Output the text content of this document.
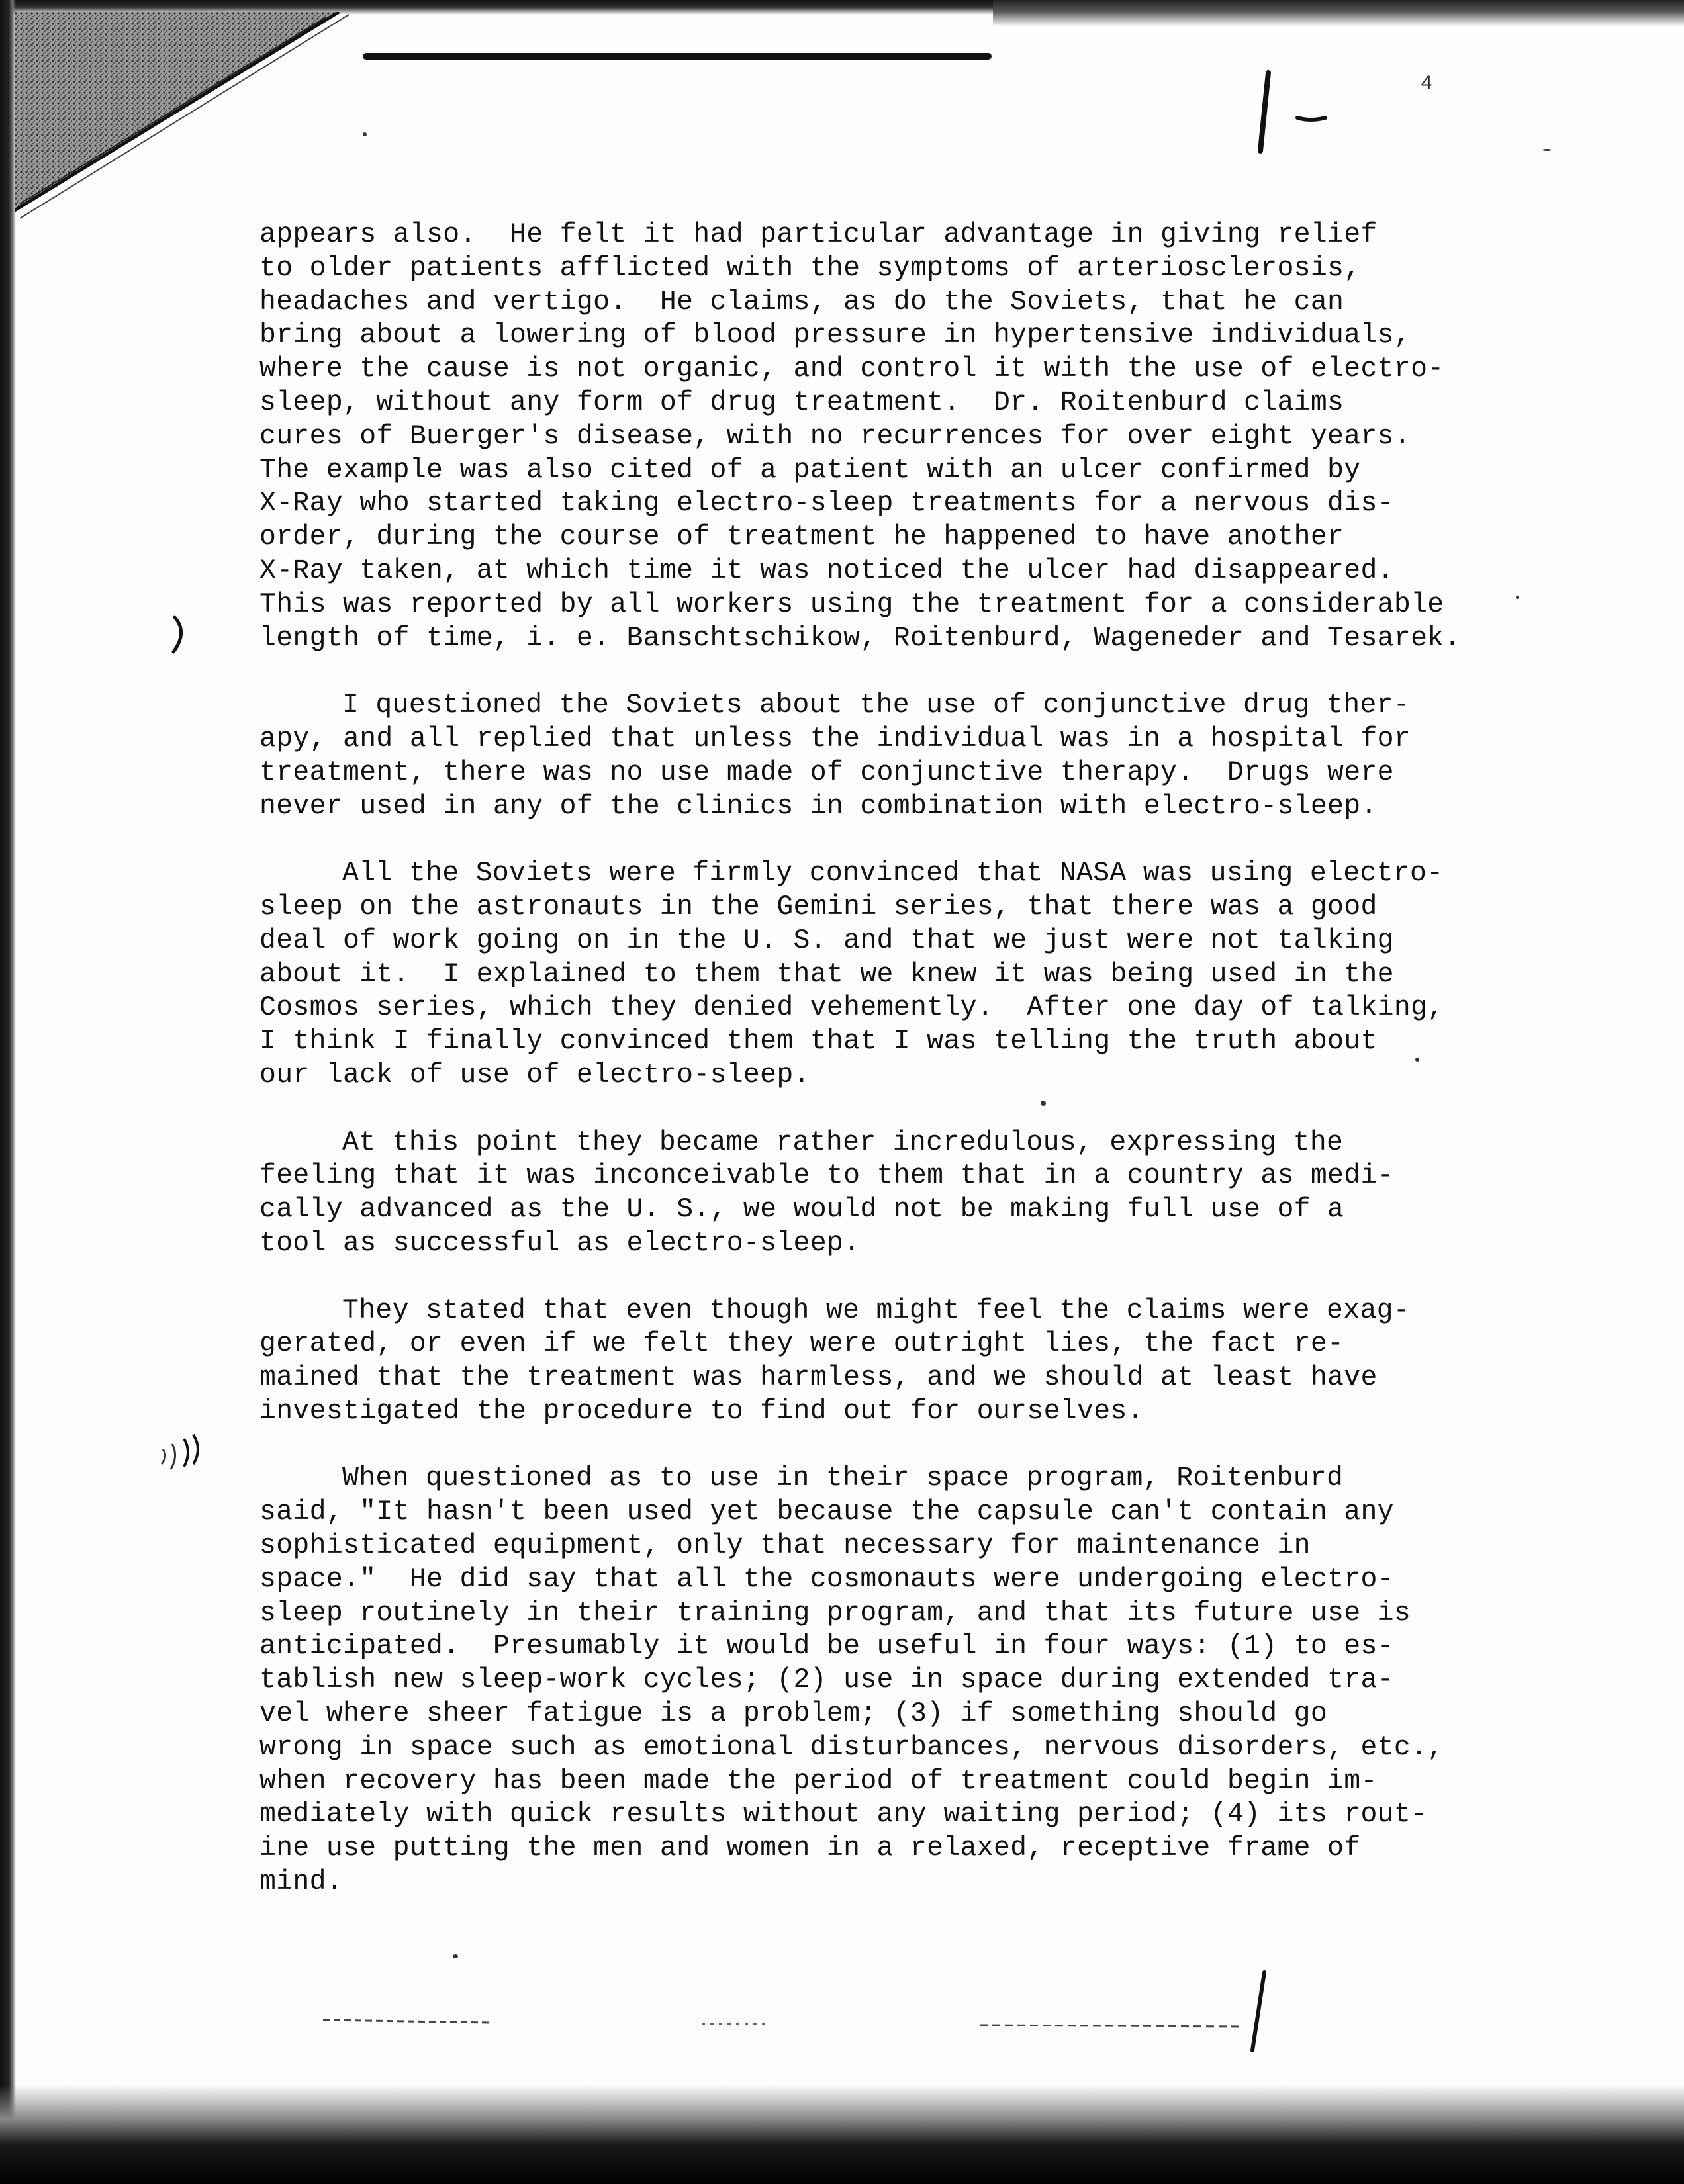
4
appears also.  He felt it had particular advantage in giving relief
to older patients afflicted with the symptoms of arteriosclerosis,
headaches and vertigo.  He claims, as do the Soviets, that he can
bring about a lowering of blood pressure in hypertensive individuals,
where the cause is not organic, and control it with the use of electro-
sleep, without any form of drug treatment.  Dr. Roitenburd claims
cures of Buerger's disease, with no recurrences for over eight years.
The example was also cited of a patient with an ulcer confirmed by
X-Ray who started taking electro-sleep treatments for a nervous dis-
order, during the course of treatment he happened to have another
X-Ray taken, at which time it was noticed the ulcer had disappeared.
This was reported by all workers using the treatment for a considerable
length of time, i. e. Banschtschikow, Roitenburd, Wageneder and Tesarek.
I questioned the Soviets about the use of conjunctive drug ther-
apy, and all replied that unless the individual was in a hospital for
treatment, there was no use made of conjunctive therapy.  Drugs were
never used in any of the clinics in combination with electro-sleep.
All the Soviets were firmly convinced that NASA was using electro-
sleep on the astronauts in the Gemini series, that there was a good
deal of work going on in the U. S. and that we just were not talking
about it.  I explained to them that we knew it was being used in the
Cosmos series, which they denied vehemently.  After one day of talking,
I think I finally convinced them that I was telling the truth about
our lack of use of electro-sleep.
At this point they became rather incredulous, expressing the
feeling that it was inconceivable to them that in a country as medi-
cally advanced as the U. S., we would not be making full use of a
tool as successful as electro-sleep.
They stated that even though we might feel the claims were exag-
gerated, or even if we felt they were outright lies, the fact re-
mained that the treatment was harmless, and we should at least have
investigated the procedure to find out for ourselves.
When questioned as to use in their space program, Roitenburd
said, "It hasn't been used yet because the capsule can't contain any
sophisticated equipment, only that necessary for maintenance in
space."  He did say that all the cosmonauts were undergoing electro-
sleep routinely in their training program, and that its future use is
anticipated.  Presumably it would be useful in four ways: (1) to es-
tablish new sleep-work cycles; (2) use in space during extended tra-
vel where sheer fatigue is a problem; (3) if something should go
wrong in space such as emotional disturbances, nervous disorders, etc.,
when recovery has been made the period of treatment could begin im-
mediately with quick results without any waiting period; (4) its rout-
ine use putting the men and women in a relaxed, receptive frame of
mind.
